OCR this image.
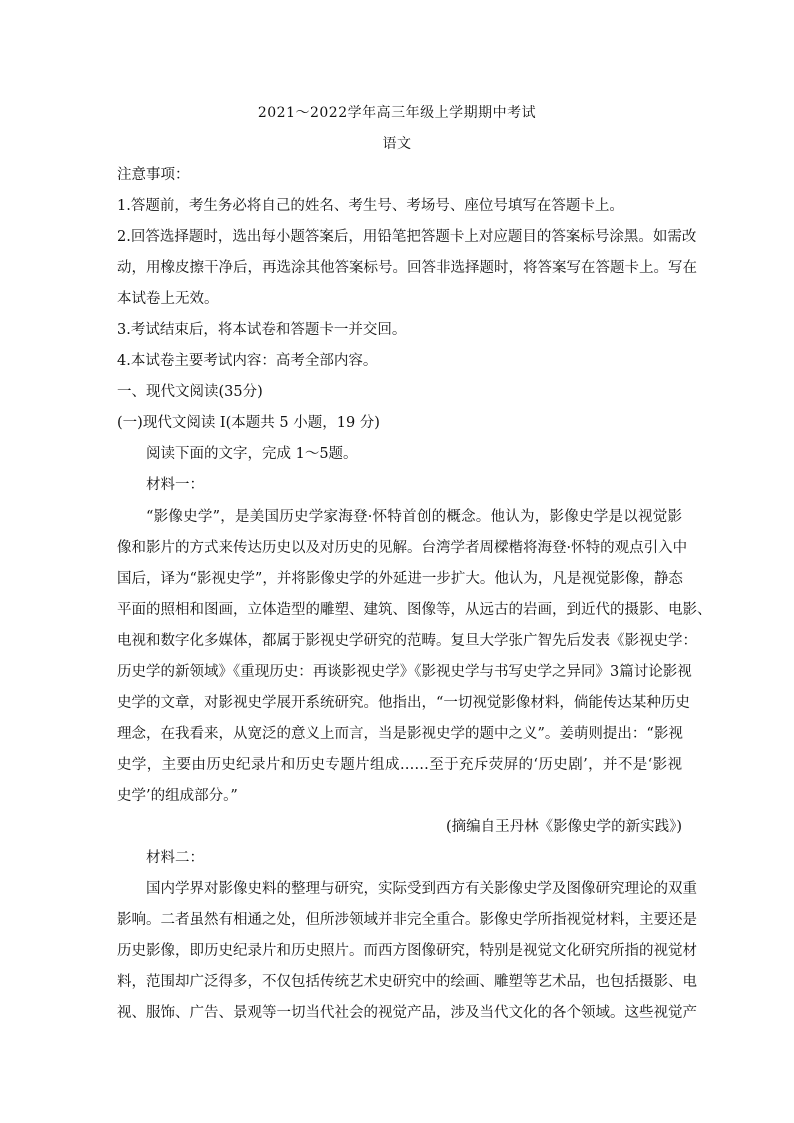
2021～2022学年高三年级上学期期中考试
语文
注意事项：
1.答题前，考生务必将自己的姓名、考生号、考场号、座位号填写在答题卡上。
2.回答选择题时，选出每小题答案后，用铅笔把答题卡上对应题目的答案标号涂黑。如需改
动，用橡皮擦干净后，再选涂其他答案标号。回答非选择题时，将答案写在答题卡上。写在
本试卷上无效。
3.考试结束后，将本试卷和答题卡一并交回。
4.本试卷主要考试内容：高考全部内容。
一、现代文阅读(35分)
(一)现代文阅读 I(本题共 5 小题，19 分)
阅读下面的文字，完成 1～5题。
材料一：
“影像史学”，是美国历史学家海登·怀特首创的概念。他认为，影像史学是以视觉影
像和影片的方式来传达历史以及对历史的见解。台湾学者周樑楷将海登·怀特的观点引入中
国后，译为“影视史学”，并将影像史学的外延进一步扩大。他认为，凡是视觉影像，静态
平面的照相和图画，立体造型的雕塑、建筑、图像等，从远古的岩画，到近代的摄影、电影、
电视和数字化多媒体，都属于影视史学研究的范畴。复旦大学张广智先后发表《影视史学：
历史学的新领域》《重现历史：再谈影视史学》《影视史学与书写史学之异同》3篇讨论影视
史学的文章，对影视史学展开系统研究。他指出，“一切视觉影像材料，倘能传达某种历史
理念，在我看来，从宽泛的意义上而言，当是影视史学的题中之义”。姜萌则提出：“影视
史学，主要由历史纪录片和历史专题片组成……至于充斥荧屏的‘历史剧’，并不是‘影视
史学’的组成部分。”
(摘编自王丹林《影像史学的新实践》)
材料二：
国内学界对影像史料的整理与研究，实际受到西方有关影像史学及图像研究理论的双重
影响。二者虽然有相通之处，但所涉领域并非完全重合。影像史学所指视觉材料，主要还是
历史影像，即历史纪录片和历史照片。而西方图像研究，特别是视觉文化研究所指的视觉材
料，范围却广泛得多，不仅包括传统艺术史研究中的绘画、雕塑等艺术品，也包括摄影、电
视、服饰、广告、景观等一切当代社会的视觉产品，涉及当代文化的各个领域。这些视觉产
